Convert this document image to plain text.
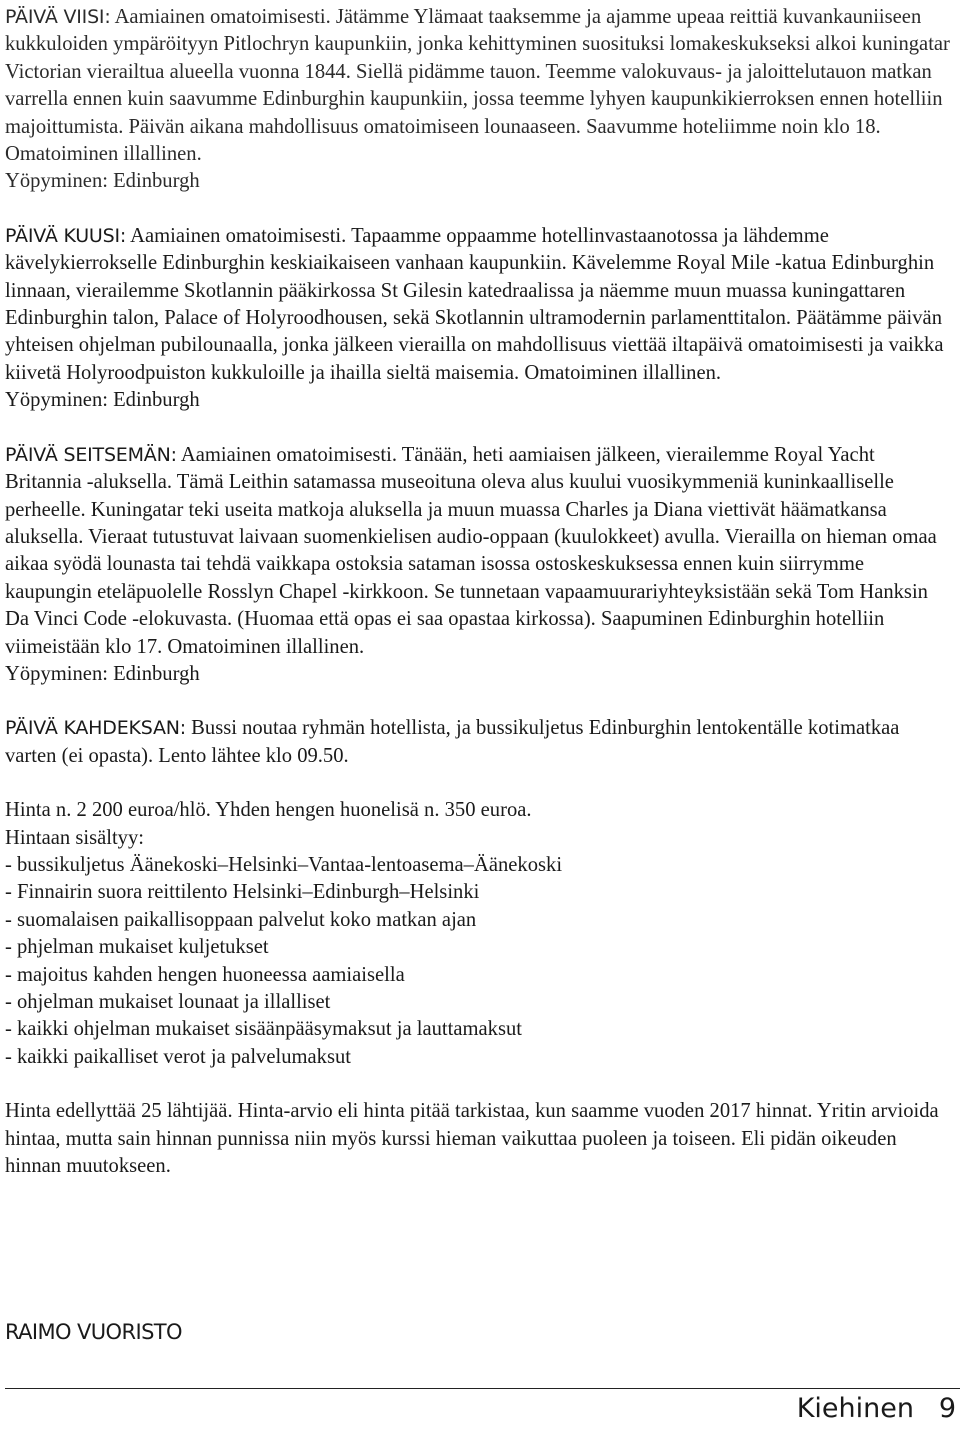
PÄIVÄ VIISI: Aamiainen omatoimisesti. Jätämme Ylämaat taaksemme ja ajamme upeaa reittiä kuvankauniiseen kukkuloiden ympäröityyn Pitlochryn kaupunkiin, jonka kehittyminen suosituksi lomakeskukseksi alkoi kuningatar Victorian vierailtua alueella vuonna 1844. Siellä pidämme tauon. Teemme valokuvaus- ja jaloittelutauon matkan varrella ennen kuin saavumme Edinburghin kaupunkiin, jossa teemme lyhyen kaupunkikierroksen ennen hotelliin majoittumista. Päivän aikana mahdollisuus omatoimiseen lounaaseen. Saavumme hoteliimme noin klo 18. Omatoiminen illallinen.
Yöpyminen: Edinburgh

PÄIVÄ KUUSI: Aamiainen omatoimisesti. Tapaamme oppaamme hotellinvastaanotossa ja lähdemme kävelykierrokselle Edinburghin keskiaikaiseen vanhaan kaupunkiin. Kävelemme Royal Mile -katua Edinburghin linnaan, vierailemme Skotlannin pääkirkossa St Gilesin katedraalissa ja näemme muun muassa kuningattaren Edinburghin talon, Palace of Holyroodhousen, sekä Skotlannin ultramodernin parlamenttitalon. Päätämme päivän yhteisen ohjelman pubilounaalla, jonka jälkeen vierailla on mahdollisuus viettää iltapäivä omatoimisesti ja vaikka kiivetä Holyroodpuiston kukkuloille ja ihailla sieltä maisemia. Omatoiminen illallinen.
Yöpyminen: Edinburgh

PÄIVÄ SEITSEMÄN: Aamiainen omatoimisesti. Tänään, heti aamiaisen jälkeen, vierailemme Royal Yacht Britannia -aluksella. Tämä Leithin satamassa museoituna oleva alus kuului vuosikymmeniä kuninkaalliselle perheelle. Kuningatar teki useita matkoja aluksella ja muun muassa Charles ja Diana viettivät häämatkansa aluksella. Vieraat tutustuvat laivaan suomenkielisen audio-oppaan (kuulokkeet) avulla. Vierailla on hieman omaa aikaa syödä lounasta tai tehdä vaikkapa ostoksia sataman isossa ostoskeskuksessa ennen kuin siirrymme kaupungin eteläpuolelle Rosslyn Chapel -kirkkoon. Se tunnetaan vapaamuurariyhteyksistään sekä Tom Hanksin Da Vinci Code -elokuvasta. (Huomaa että opas ei saa opastaa kirkossa). Saapuminen Edinburghin hotelliin viimeistään klo 17. Omatoiminen illallinen.
Yöpyminen: Edinburgh

PÄIVÄ KAHDEKSAN: Bussi noutaa ryhmän hotellista, ja bussikuljetus Edinburghin lentokentälle kotimatkaa varten (ei opasta). Lento lähtee klo 09.50.

Hinta n. 2 200 euroa/hlö. Yhden hengen huonelisä n. 350 euroa.

Hintaan sisältyy:

- bussikuljetus Äänekoski–Helsinki–Vantaa-lentoasema–Äänekoski
- Finnairin suora reittilento Helsinki–Edinburgh–Helsinki
- suomalaisen paikallisoppaan palvelut koko matkan ajan
- phjelman mukaiset kuljetukset
- majoitus kahden hengen huoneessa aamiaisella
- ohjelman mukaiset lounaat ja illalliset
- kaikki ohjelman mukaiset sisäänpääsymaksut ja lauttamaksut
- kaikki paikalliset verot ja palvelumaksut

Hinta edellyttää 25 lähtijää. Hinta-arvio eli hinta pitää tarkistaa, kun saamme vuoden 2017 hinnat. Yritin arvioida hintaa, mutta sain hinnan punnissa niin myös kurssi hieman vaikuttaa puoleen ja toiseen. Eli pidän oikeuden hinnan muutokseen.

RAIMO VUORISTO
Kiehinen 9
